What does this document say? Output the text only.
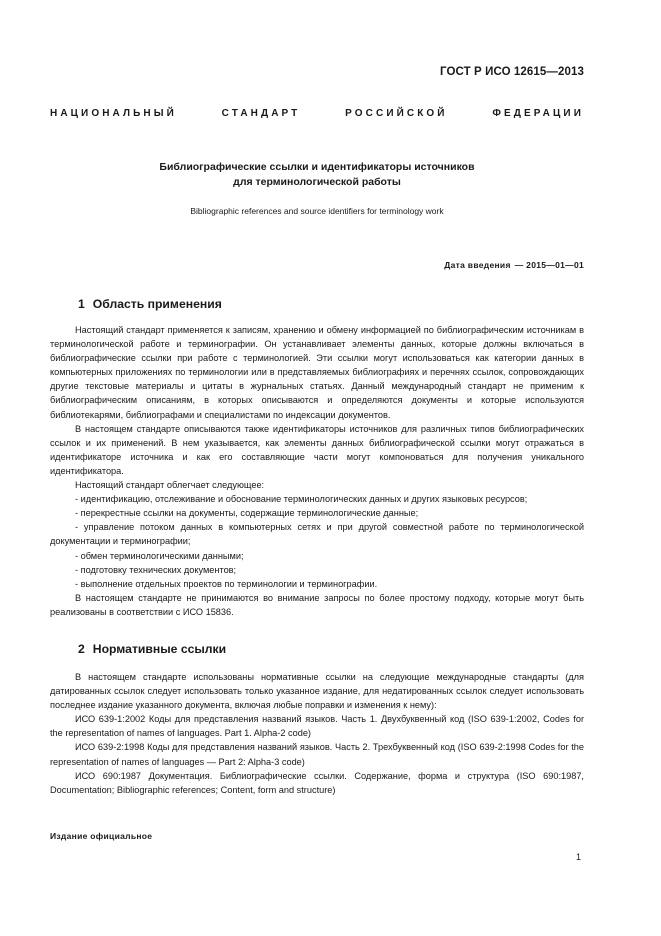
ГОСТ Р ИСО 12615—2013
НАЦИОНАЛЬНЫЙ СТАНДАРТ РОССИЙСКОЙ ФЕДЕРАЦИИ
Библиографические ссылки и идентификаторы источников
для терминологической работы
Bibliographic references and source identifiers for terminology work
Дата введения — 2015—01—01
1 Область применения

Настоящий стандарт применяется к записям, хранению и обмену информацией по библиографическим источникам в терминологической работе и терминографии. Он устанавливает элементы данных, которые должны включаться в библиографические ссылки при работе с терминологией. Эти ссылки могут использоваться как категории данных в компьютерных приложениях по терминологии или в представляемых библиографиях и перечнях ссылок, сопровождающих другие текстовые материалы и цитаты в журнальных статьях. Данный международный стандарт не применим к библиографическим описаниям, в которых описываются и определяются документы и которые используются библиотекарями, библиографами и специалистами по индексации документов.

В настоящем стандарте описываются также идентификаторы источников для различных типов библиографических ссылок и их применений. В нем указывается, как элементы данных библиографической ссылки могут отражаться в идентификаторе источника и как его составляющие части могут компоноваться для получения уникального идентификатора.

Настоящий стандарт облегчает следующее:

- идентификацию, отслеживание и обоснование терминологических данных и других языковых ресурсов;

- перекрестные ссылки на документы, содержащие терминологические данные;

- управление потоком данных в компьютерных сетях и при другой совместной работе по терминологической документации и терминографии;

- обмен терминологическими данными;

- подготовку технических документов;

- выполнение отдельных проектов по терминологии и терминографии.

В настоящем стандарте не принимаются во внимание запросы по более простому подходу, которые могут быть реализованы в соответствии с ИСО 15836.

2 Нормативные ссылки

В настоящем стандарте использованы нормативные ссылки на следующие международные стандарты (для датированных ссылок следует использовать только указанное издание, для недатированных ссылок следует использовать последнее издание указанного документа, включая любые поправки и изменения к нему):

ИСО 639-1:2002 Коды для представления названий языков. Часть 1. Двухбуквенный код (ISO 639-1:2002, Codes for the representation of names of languages. Part 1. Alpha-2 code)

ИСО 639-2:1998 Коды для представления названий языков. Часть 2. Трехбуквенный код (ISO 639-2:1998 Codes for the representation of names of languages — Part 2: Alpha-3 code)

ИСО 690:1987 Документация. Библиографические ссылки. Содержание, форма и структура (ISO 690:1987, Documentation; Bibliographic references; Content, form and structure)

Издание официальное
1
